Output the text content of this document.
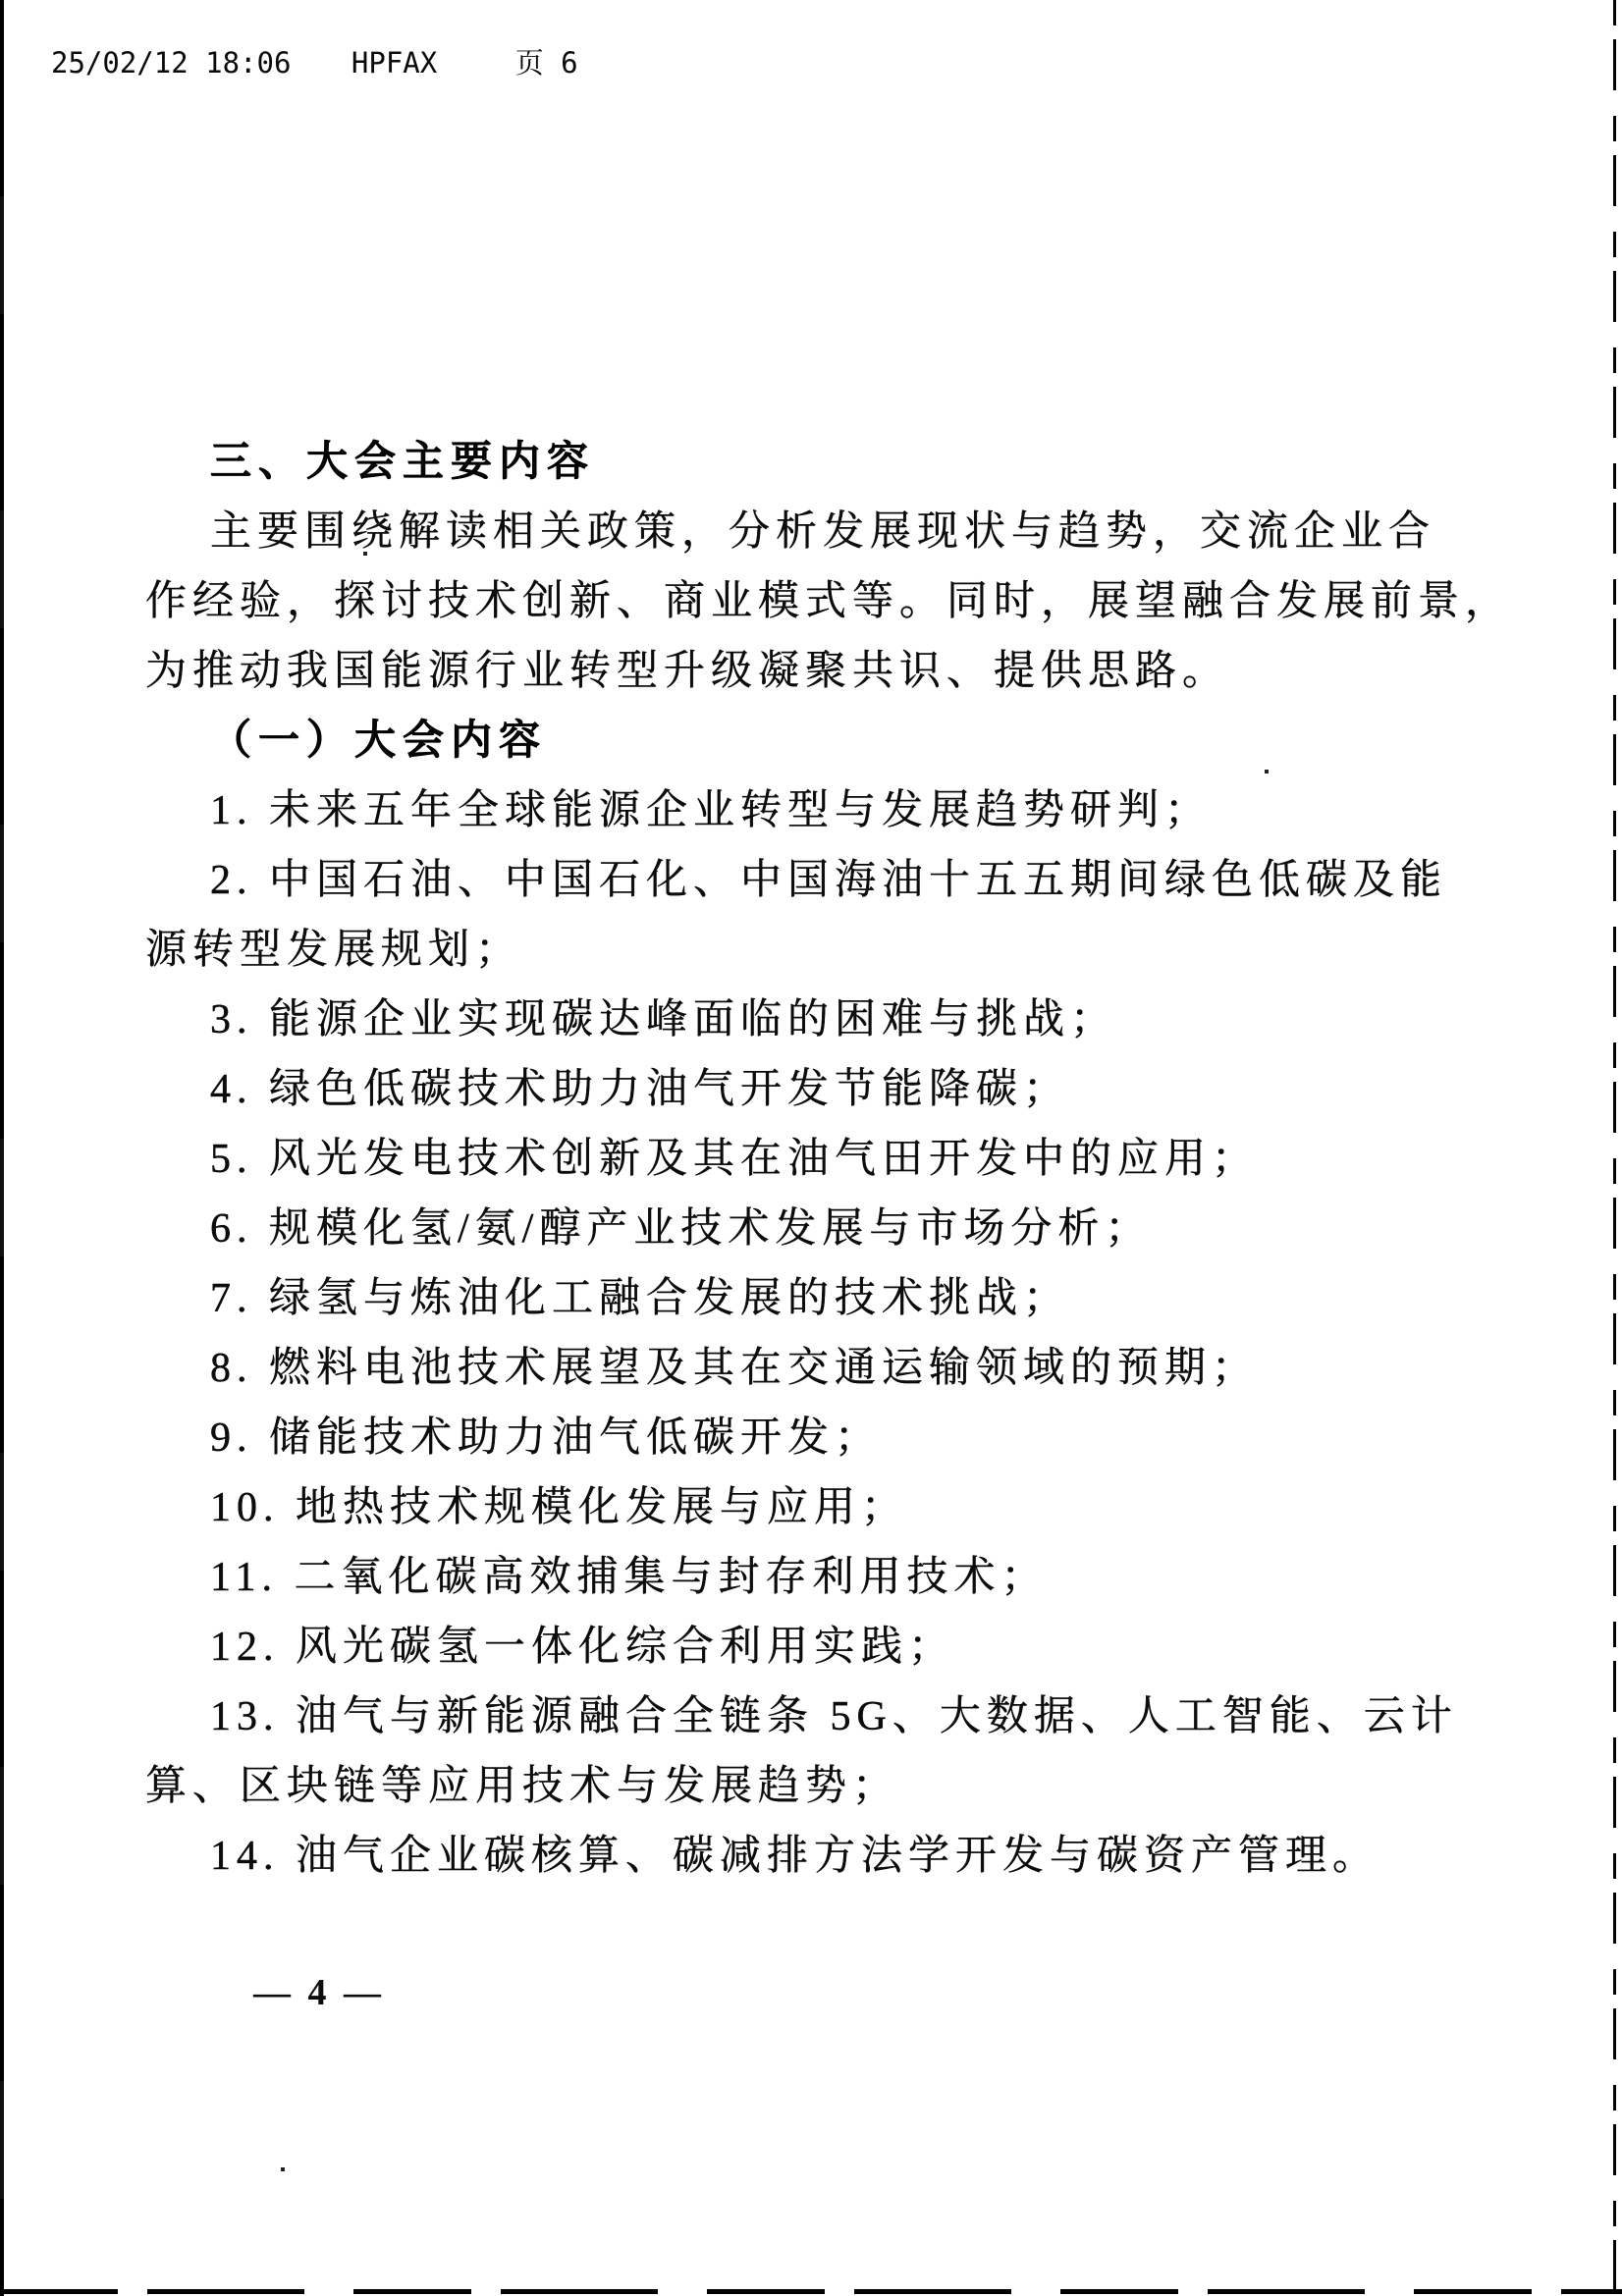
25/02/12 18:06 HPFAX	页 6
三、大会主要内容
主要围绕解读相关政策，分析发展现状与趋势，交流企业合
作经验，探讨技术创新、商业模式等。同时，展望融合发展前景，
为推动我国能源行业转型升级凝聚共识、提供思路。
（一）大会内容
1. 未来五年全球能源企业转型与发展趋势研判；
2. 中国石油、中国石化、中国海油十五五期间绿色低碳及能
源转型发展规划；
3. 能源企业实现碳达峰面临的困难与挑战；
4. 绿色低碳技术助力油气开发节能降碳；
5. 风光发电技术创新及其在油气田开发中的应用；
6. 规模化氢/氨/醇产业技术发展与市场分析；
7. 绿氢与炼油化工融合发展的技术挑战；
8. 燃料电池技术展望及其在交通运输领域的预期；
9. 储能技术助力油气低碳开发；
10. 地热技术规模化发展与应用；
11. 二氧化碳高效捕集与封存利用技术；
12. 风光碳氢一体化综合利用实践；
13. 油气与新能源融合全链条 5G、大数据、人工智能、云计
算、区块链等应用技术与发展趋势；
14. 油气企业碳核算、碳减排方法学开发与碳资产管理。
— 4 —
